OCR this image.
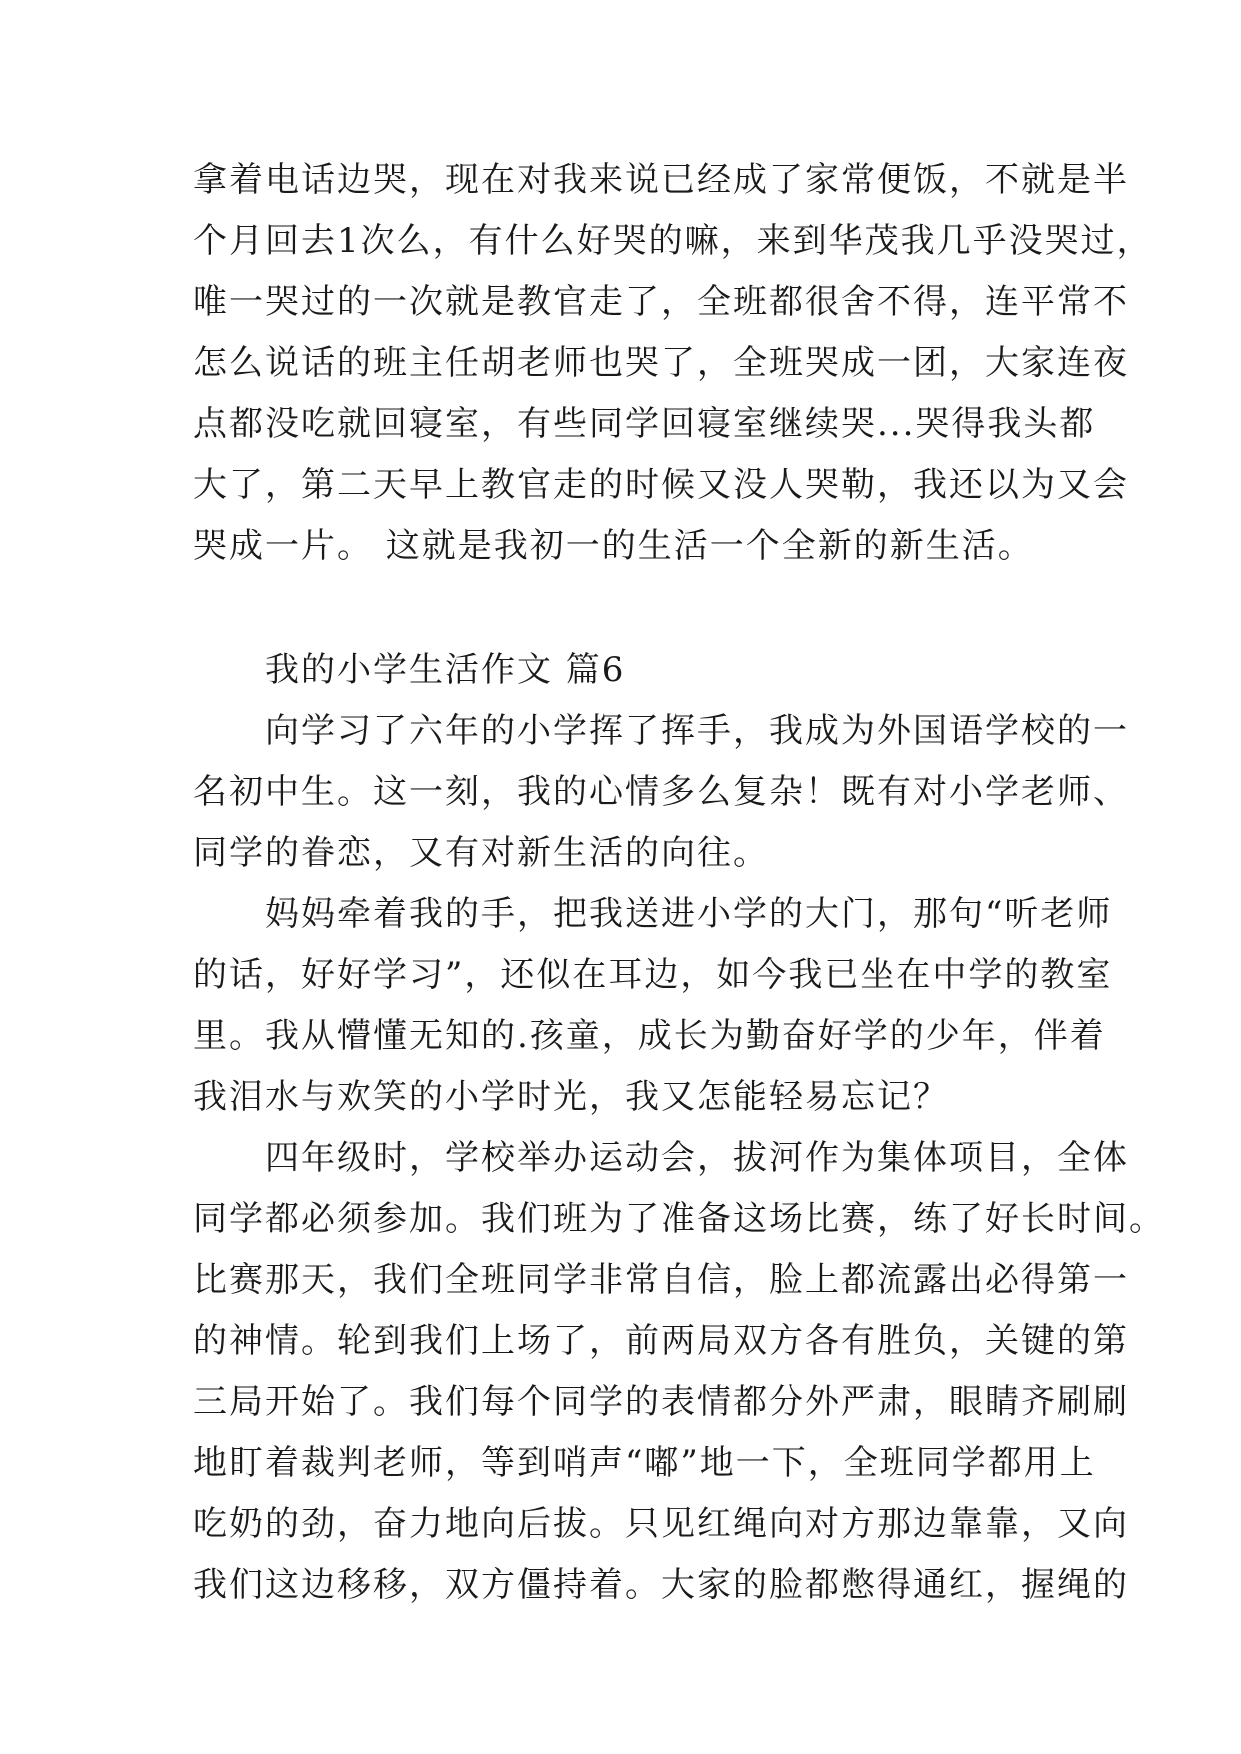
拿着电话边哭，现在对我来说已经成了家常便饭，不就是半
个月回去1次么，有什么好哭的嘛，来到华茂我几乎没哭过，
唯一哭过的一次就是教官走了，全班都很舍不得，连平常不
怎么说话的班主任胡老师也哭了，全班哭成一团，大家连夜
点都没吃就回寝室，有些同学回寝室继续哭...哭得我头都
大了，第二天早上教官走的时候又没人哭勒，我还以为又会
哭成一片。 这就是我初一的生活一个全新的新生活。
　　我的小学生活作文 篇6
　　向学习了六年的小学挥了挥手，我成为外国语学校的一
名初中生。这一刻，我的心情多么复杂！既有对小学老师、
同学的眷恋，又有对新生活的向往。
　　妈妈牵着我的手，把我送进小学的大门，那句“听老师
的话，好好学习”，还似在耳边，如今我已坐在中学的教室
里。我从懵懂无知的.孩童，成长为勤奋好学的少年，伴着
我泪水与欢笑的小学时光，我又怎能轻易忘记？
　　四年级时，学校举办运动会，拔河作为集体项目，全体
同学都必须参加。我们班为了准备这场比赛，练了好长时间。
比赛那天，我们全班同学非常自信，脸上都流露出必得第一
的神情。轮到我们上场了，前两局双方各有胜负，关键的第
三局开始了。我们每个同学的表情都分外严肃，眼睛齐刷刷
地盯着裁判老师，等到哨声“嘟”地一下，全班同学都用上
吃奶的劲，奋力地向后拔。只见红绳向对方那边靠靠，又向
我们这边移移，双方僵持着。大家的脸都憋得通红，握绳的
